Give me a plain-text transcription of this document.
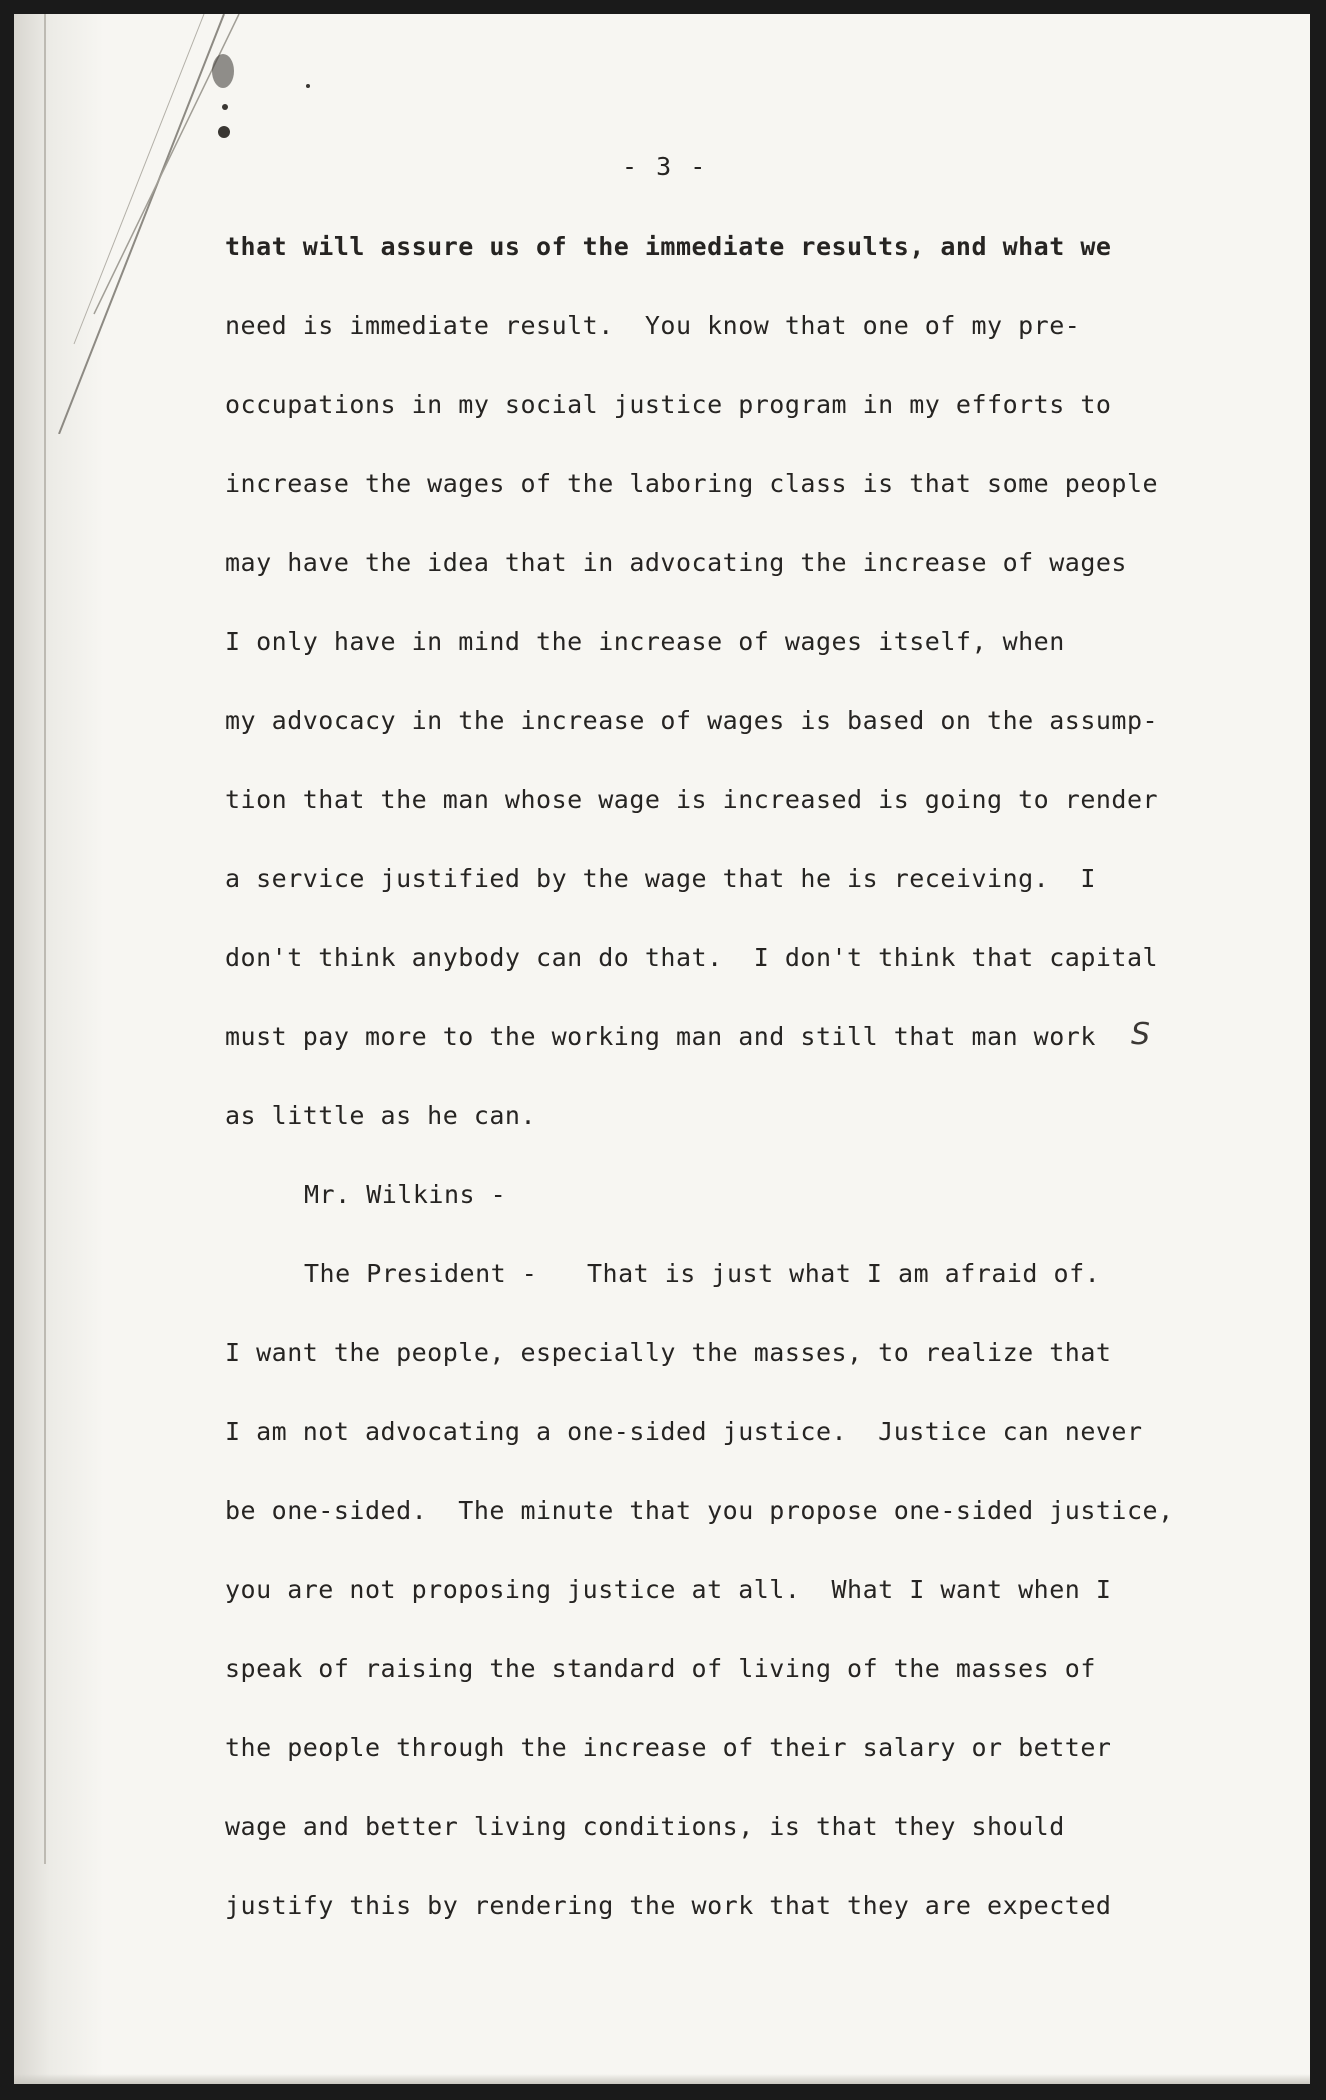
- 3 -
that will assure us of the immediate results, and what we
need is immediate result.  You know that one of my pre-
occupations in my social justice program in my efforts to
increase the wages of the laboring class is that some people
may have the idea that in advocating the increase of wages
I only have in mind the increase of wages itself, when
my advocacy in the increase of wages is based on the assump-
tion that the man whose wage is increased is going to render
a service justified by the wage that he is receiving.  I
don't think anybody can do that.  I don't think that capital
must pay more to the working man and still that man work S
as little as he can.
Mr. Wilkins -
The President - That is just what I am afraid of.
I want the people, especially the masses, to realize that
I am not advocating a one-sided justice.  Justice can never
be one-sided.  The minute that you propose one-sided justice,
you are not proposing justice at all.  What I want when I
speak of raising the standard of living of the masses of
the people through the increase of their salary or better
wage and better living conditions, is that they should
justify this by rendering the work that they are expected
